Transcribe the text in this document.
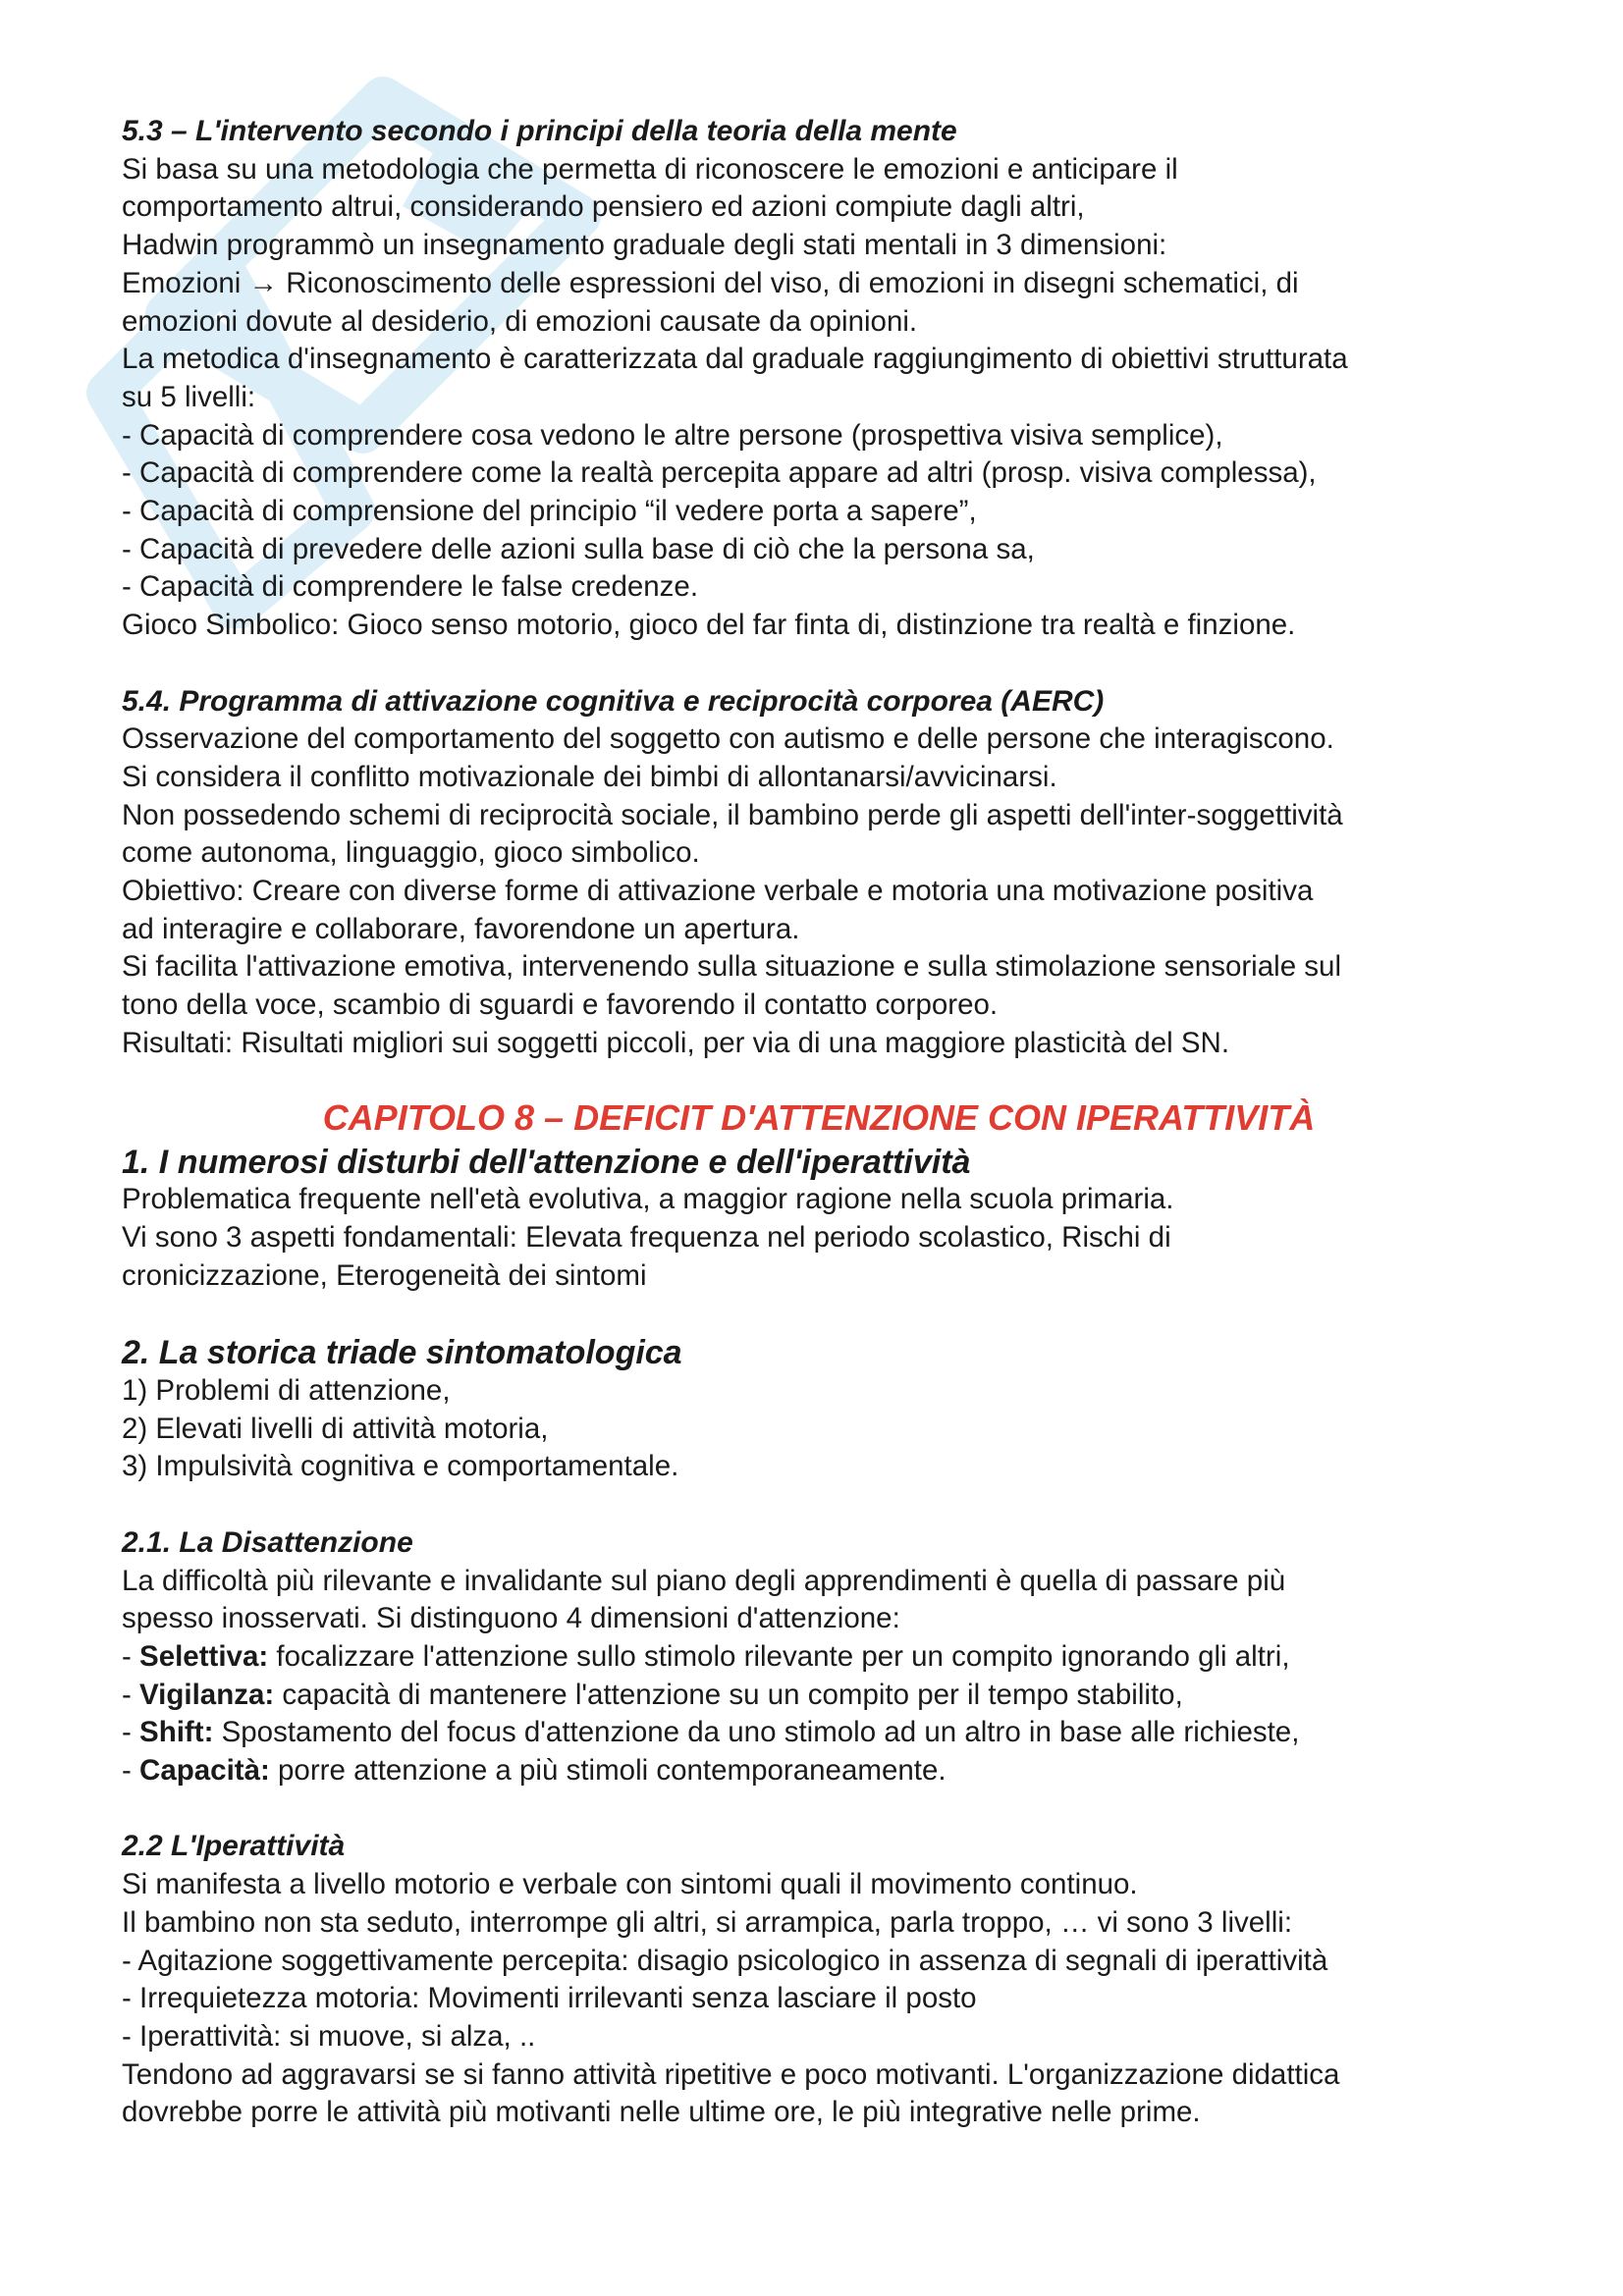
5.3 – L'intervento secondo i principi della teoria della mente

Si basa su una metodologia che permetta di riconoscere le emozioni e anticipare il

comportamento altrui, considerando pensiero ed azioni compiute dagli altri,

Hadwin programmò un insegnamento graduale degli stati mentali in 3 dimensioni:

Emozioni → Riconoscimento delle espressioni del viso, di emozioni in disegni schematici, di

emozioni dovute al desiderio, di emozioni causate da opinioni.

La metodica d'insegnamento è caratterizzata dal graduale raggiungimento di obiettivi strutturata

su 5 livelli:

- Capacità di comprendere cosa vedono le altre persone (prospettiva visiva semplice),

- Capacità di comprendere come la realtà percepita appare ad altri (prosp. visiva complessa),

- Capacità di comprensione del principio “il vedere porta a sapere”,

- Capacità di prevedere delle azioni sulla base di ciò che la persona sa,

- Capacità di comprendere le false credenze.

Gioco Simbolico: Gioco senso motorio, gioco del far finta di, distinzione tra realtà e finzione.

5.4. Programma di attivazione cognitiva e reciprocità corporea (AERC)

Osservazione del comportamento del soggetto con autismo e delle persone che interagiscono.

Si considera il conflitto motivazionale dei bimbi di allontanarsi/avvicinarsi.

Non possedendo schemi di reciprocità sociale, il bambino perde gli aspetti dell'inter-soggettività

come autonoma, linguaggio, gioco simbolico.

Obiettivo: Creare con diverse forme di attivazione verbale e motoria una motivazione positiva

ad interagire e collaborare, favorendone un apertura.

Si facilita l'attivazione emotiva, intervenendo sulla situazione e sulla stimolazione sensoriale sul

tono della voce, scambio di sguardi e favorendo il contatto corporeo.

Risultati: Risultati migliori sui soggetti piccoli, per via di una maggiore plasticità del SN.

CAPITOLO 8 – DEFICIT D'ATTENZIONE CON IPERATTIVITÀ

1. I numerosi disturbi dell'attenzione e dell'iperattività

Problematica frequente nell'età evolutiva, a maggior ragione nella scuola primaria.

Vi sono 3 aspetti fondamentali: Elevata frequenza nel periodo scolastico, Rischi di

cronicizzazione, Eterogeneità dei sintomi

2. La storica triade sintomatologica

1) Problemi di attenzione,

2) Elevati livelli di attività motoria,

3) Impulsività cognitiva e comportamentale.

2.1. La Disattenzione

La difficoltà più rilevante e invalidante sul piano degli apprendimenti è quella di passare più

spesso inosservati. Si distinguono 4 dimensioni d'attenzione:

- Selettiva: focalizzare l'attenzione sullo stimolo rilevante per un compito ignorando gli altri,

- Vigilanza: capacità di mantenere l'attenzione su un compito per il tempo stabilito,

- Shift: Spostamento del focus d'attenzione da uno stimolo ad un altro in base alle richieste,

- Capacità: porre attenzione a più stimoli contemporaneamente.

2.2 L'Iperattività

Si manifesta a livello motorio e verbale con sintomi quali il movimento continuo.

Il bambino non sta seduto, interrompe gli altri, si arrampica, parla troppo, … vi sono 3 livelli:

- Agitazione soggettivamente percepita: disagio psicologico in assenza di segnali di iperattività

- Irrequietezza motoria: Movimenti irrilevanti senza lasciare il posto

- Iperattività: si muove, si alza, ..

Tendono ad aggravarsi se si fanno attività ripetitive e poco motivanti. L'organizzazione didattica

dovrebbe porre le attività più motivanti nelle ultime ore, le più integrative nelle prime.
